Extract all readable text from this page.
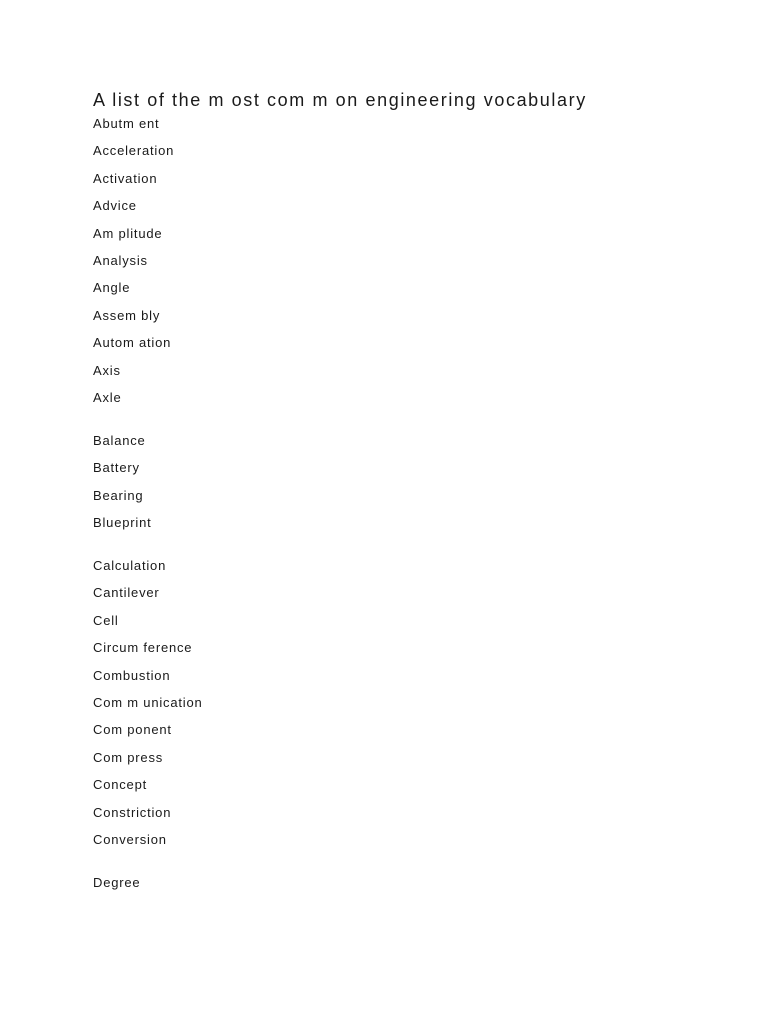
A list of the m ost com m on engineering vocabulary
Abutm ent
Acceleration
Activation
Advice
Am plitude
Analysis
Angle
Assem bly
Autom ation
Axis
Axle
Balance
Battery
Bearing
Blueprint
Calculation
Cantilever
Cell
Circum ference
Combustion
Com m unication
Com ponent
Com press
Concept
Constriction
Conversion
Degree
